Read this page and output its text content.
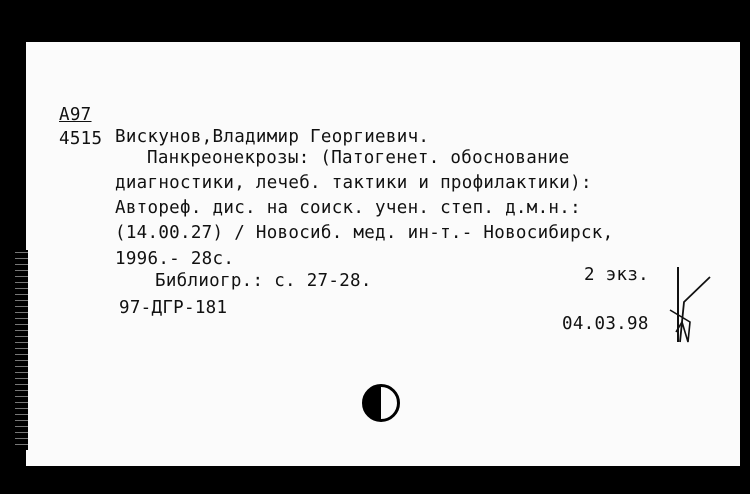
А97
4515 Вискунов,Владимир Георгиевич.
Панкреонекрозы: (Патогенет. обоснование
диагностики, лечеб. тактики и профилактики):
Автореф. дис. на соиск. учен. степ. д.м.н.:
(14.00.27) / Новосиб. мед. ин-т.- Новосибирск,
1996.- 28с.
Библиогр.: с. 27-28.	2 экз.
97-ДГР-181
04.03.98
